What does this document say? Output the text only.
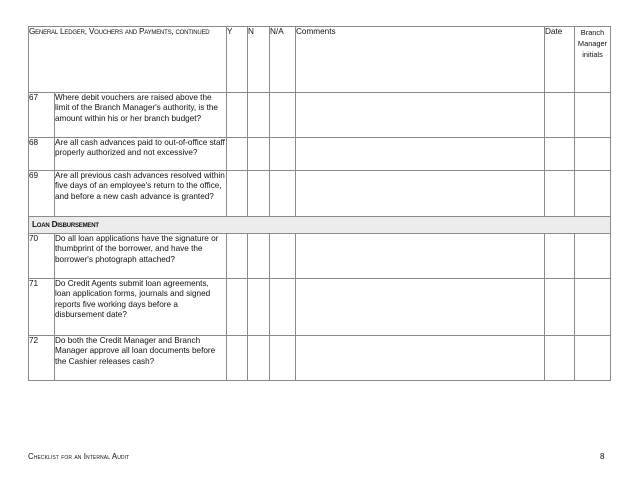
General Ledger, Vouchers and Payments, continued		Y	N	N/A	Comments	Date	Branch Manager initials
67	Where debit vouchers are raised above the limit of the Branch Manager's authority, is the amount within his or her branch budget?						
68	Are all cash advances paid to out-of-office staff properly authorized and not excessive?						
69	Are all previous cash advances resolved within five days of an employee's return to the office, and before a new cash advance is granted?						
Loan Disbursement							
70	Do all loan applications have the signature or thumbprint of the borrower, and have the borrower's photograph attached?						
71	Do Credit Agents submit loan agreements, loan application forms, journals and signed reports five working days before a disbursement date?						
72	Do both the Credit Manager and Branch Manager approve all loan documents before the Cashier releases cash?						
Checklist for an Internal Audit	8
